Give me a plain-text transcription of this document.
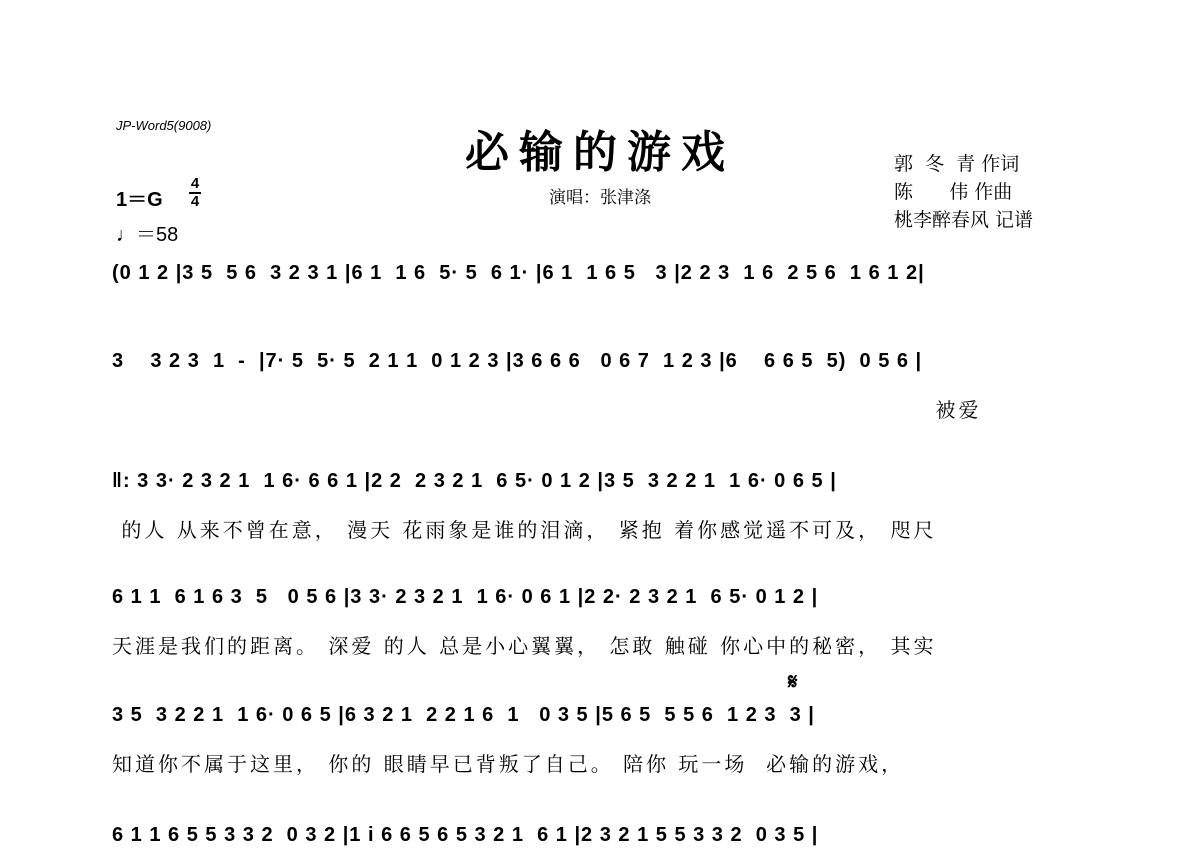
JP-Word5(9008)
必输的游戏
演唱：张津涤
郭  冬  青 作词
陈      伟 作曲
桃李醉春风 记谱
1＝G
4
4
♩＝58
(0 1 2 |3 5  5 6  3 2 3 1 |6 1  1 6  5· 5  6 1· |6 1  1 6 5   3 |2 2 3  1 6  2 5 6  1 6 1 2|
3    3 2 3  1  -  |7· 5  5· 5  2 1 1  0 1 2 3 |3 6 6 6   0 6 7  1 2 3 |6    6 6 5  5)  0 5 6 |
被爱
‖: 3 3· 2 3 2 1  1 6· 6 6 1 |2 2  2 3 2 1  6 5· 0 1 2 |3 5  3 2 2 1  1 6· 0 6 5 |
的人 从来不曾在意， 漫天 花雨象是谁的泪滴， 紧抱 着你感觉遥不可及， 咫尺
6 1 1  6 1 6 3  5   0 5 6 |3 3· 2 3 2 1  1 6· 0 6 1 |2 2· 2 3 2 1  6 5· 0 1 2 |
天涯是我们的距离。 深爱 的人 总是小心翼翼， 怎敢 触碰 你心中的秘密， 其实
𝄋
3 5  3 2 2 1  1 6· 0 6 5 |6 3 2 1  2 2 1 6  1   0 3 5 |5 6 5  5 5 6  1 2 3  3 |
知道你不属于这里， 你的 眼睛早已背叛了自己。 陪你 玩一场  必输的游戏，
6 1 1 6 5 5 3 3 2  0 3 2 |1 i 6 6 5 6 5 3 2 1  6 1 |2 3 2 1 5 5 3 3 2  0 3 5 |
